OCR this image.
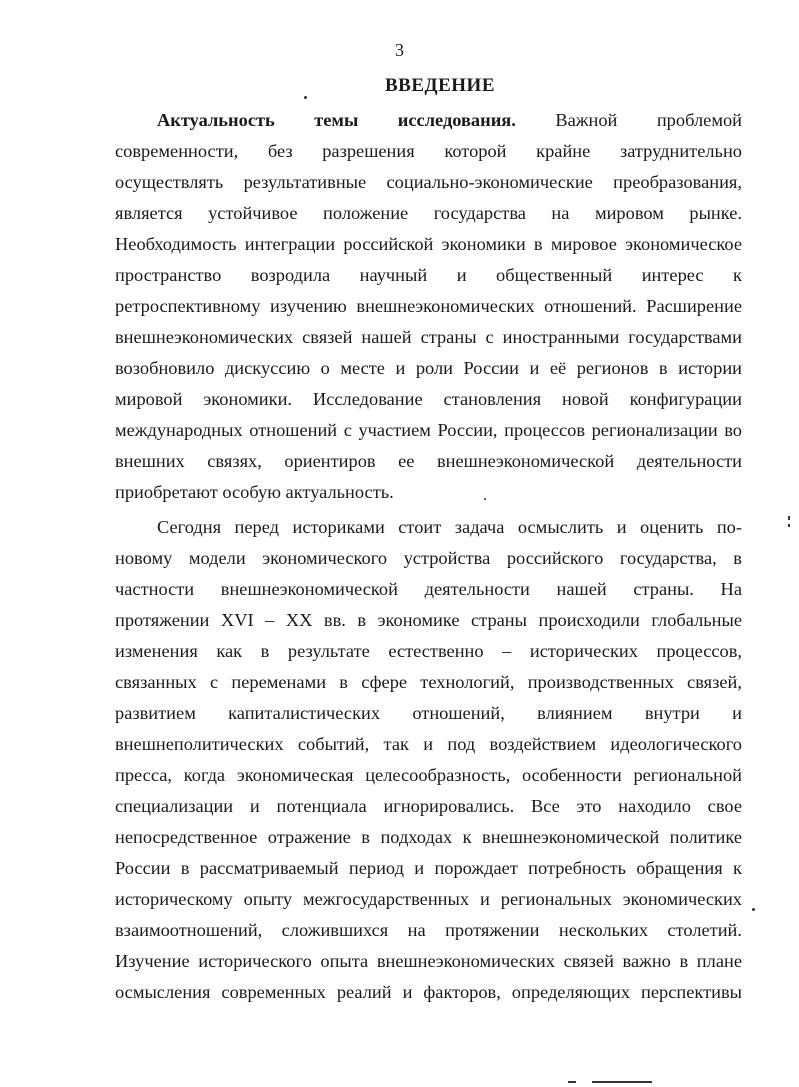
3
ВВЕДЕНИЕ
Актуальность темы исследования. Важной проблемой
современности, без разрешения которой крайне затруднительно
осуществлять результативные социально-экономические преобразования,
является устойчивое положение государства на мировом рынке.
Необходимость интеграции российской экономики в мировое экономическое
пространство возродила научный и общественный интерес к
ретроспективному изучению внешнеэкономических отношений. Расширение
внешнеэкономических связей нашей страны с иностранными государствами
возобновило дискуссию о месте и роли России и её регионов в истории
мировой экономики. Исследование становления новой конфигурации
международных отношений с участием России, процессов регионализации во
внешних связях, ориентиров ее внешнеэкономической деятельности
приобретают особую актуальность.
Сегодня перед историками стоит задача осмыслить и оценить по-
новому модели экономического устройства российского государства, в
частности внешнеэкономической деятельности нашей страны. На
протяжении XVI – XX вв. в экономике страны происходили глобальные
изменения как в результате естественно – исторических процессов,
связанных с переменами в сфере технологий, производственных связей,
развитием капиталистических отношений, влиянием внутри и
внешнеполитических событий, так и под воздействием идеологического
пресса, когда экономическая целесообразность, особенности региональной
специализации и потенциала игнорировались. Все это находило свое
непосредственное отражение в подходах к внешнеэкономической политике
России в рассматриваемый период и порождает потребность обращения к
историческому опыту межгосударственных и региональных экономических
взаимоотношений, сложившихся на протяжении нескольких столетий.
Изучение исторического опыта внешнеэкономических связей важно в плане
осмысления современных реалий и факторов, определяющих перспективы
